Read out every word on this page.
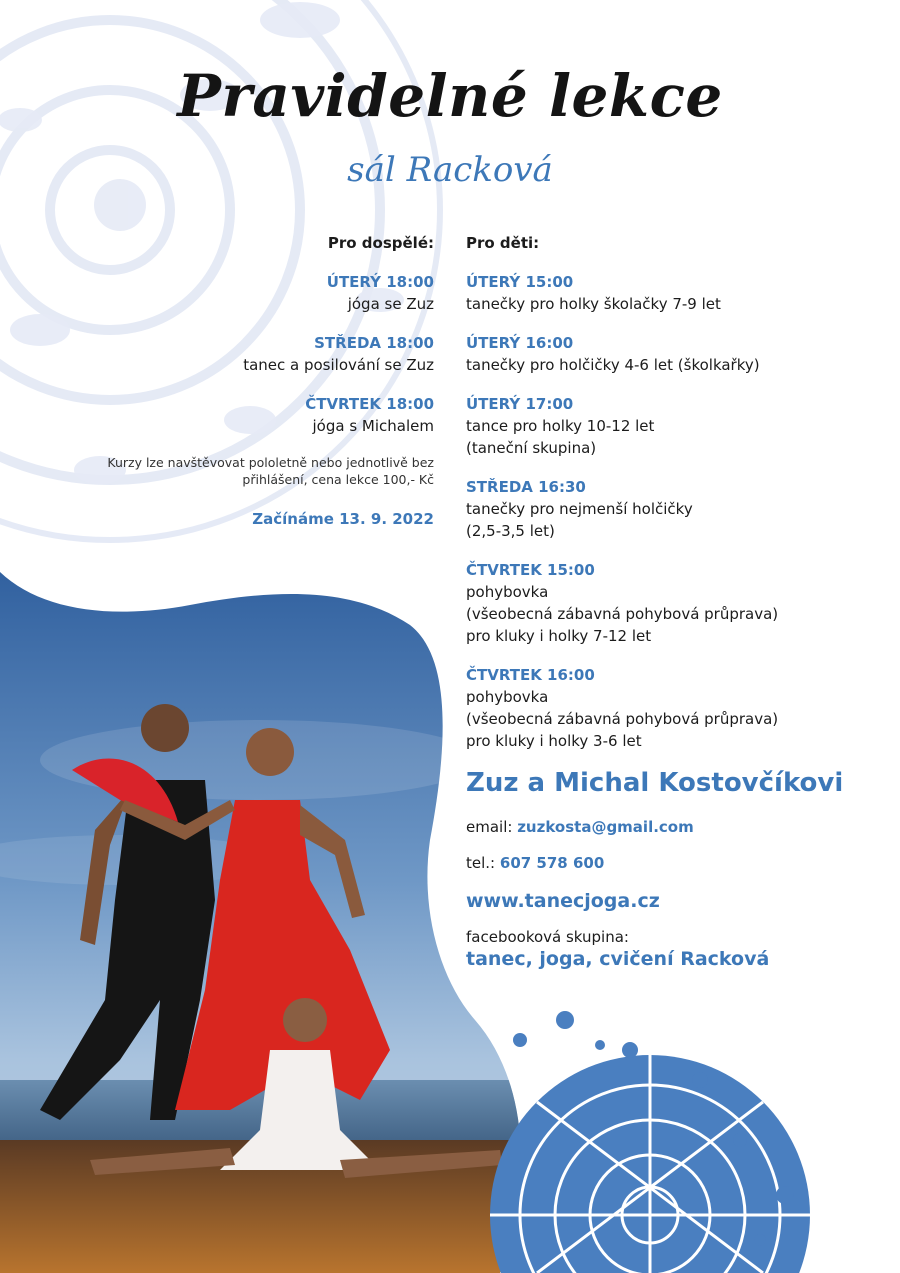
Pravidelné lekce
sál Racková
Pro dospělé:
ÚTERÝ 18:00
jóga se Zuz
STŘEDA 18:00
tanec a posilování se Zuz
ČTVRTEK 18:00
jóga s Michalem
Kurzy lze navštěvovat pololetně nebo jednotlivě bez
přihlášení, cena lekce 100,- Kč
Začínáme 13. 9. 2022
Pro děti:
ÚTERÝ 15:00
tanečky pro holky školačky 7-9 let
ÚTERÝ 16:00
tanečky pro holčičky 4-6 let (školkařky)
ÚTERÝ 17:00
tance pro holky 10-12 let
(taneční skupina)
STŘEDA 16:30
tanečky pro nejmenší holčičky
(2,5-3,5 let)
ČTVRTEK 15:00
pohybovka
(všeobecná zábavná pohybová průprava)
pro kluky i holky 7-12 let
ČTVRTEK 16:00
pohybovka
(všeobecná zábavná pohybová průprava)
pro kluky i holky 3-6 let
Zuz a Michal Kostovčíkovi
email: zuzkosta@gmail.com
tel.: 607 578 600
www.tanecjoga.cz
facebooková skupina:
tanec, joga, cvičení Racková
